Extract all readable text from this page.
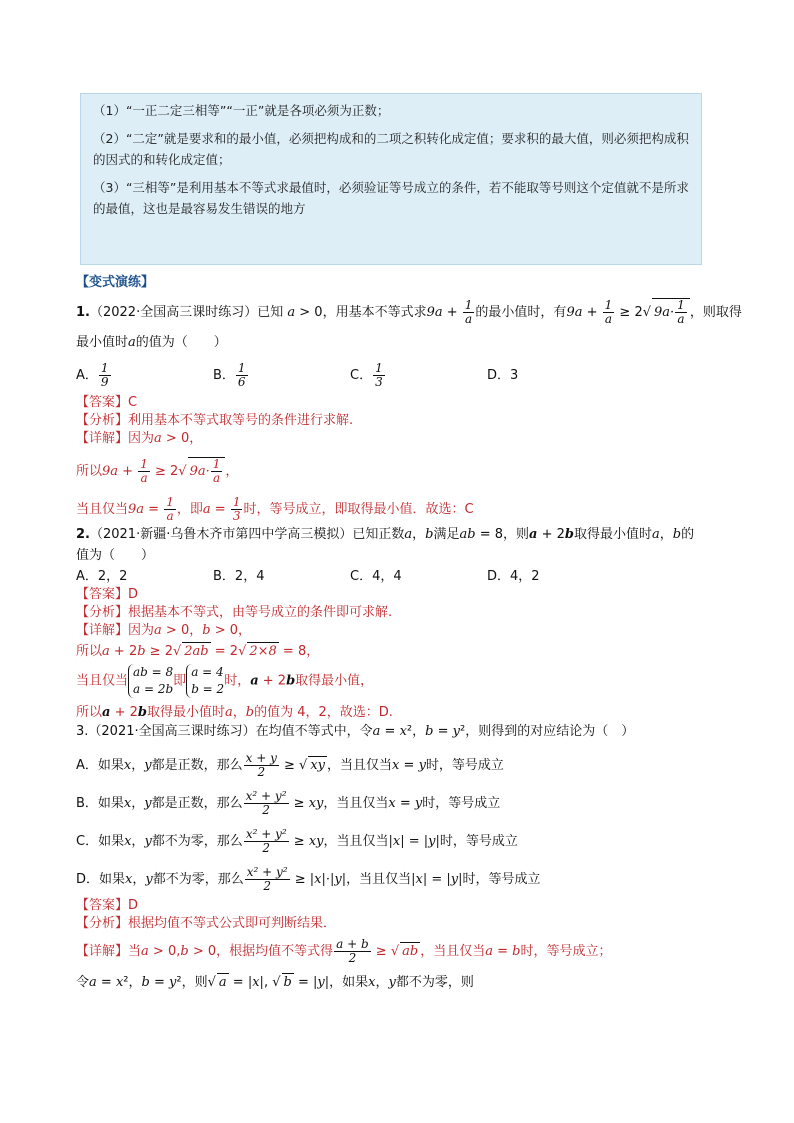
（1）“一正二定三相等”“一正”就是各项必须为正数；

（2）“二定”就是要求和的最小值，必须把构成和的二项之积转化成定值；要求积的最大值，则必须把构成积的因式的和转化成定值；

（3）“三相等”是利用基本不等式求最值时，必须验证等号成立的条件，若不能取等号则这个定值就不是所求的最值，这也是最容易发生错误的地方

【变式演练】
1.（2022·全国高三课时练习）已知 a > 0，用基本不等式求$9a + \frac{1}{a}$ 的最小值时，有$9a + \frac{1}{a} \ge 2√$ $9a\cdot \frac{1}{a}$ ，则取得
最小值时a的值为（　　）
A． $\frac{1}{9}$	B． $\frac{1}{6}$	C． $\frac{1}{3}$	D．3
【答案】C
【分析】利用基本不等式取等号的条件进行求解.
【详解】因为a > 0，
所以$9a + \frac{1}{a} \ge 2√$ $9a\cdot \frac{1}{a}$ ，
当且仅当$9a = \frac{1}{a}$ ，即$a = \frac{1}{3}$ 时，等号成立，即取得最小值．故选：C
2.（2021·新疆·乌鲁木齐市第四中学高三模拟）已知正数a，b满足ab = 8，则a + 2b取得最小值时a，b的
值为（　　）
A．2，2	B．2，4	C．4，4	D．4，2
【答案】D
【分析】根据基本不等式，由等号成立的条件即可求解.
【详解】因为a > 0，b > 0，
所以a + 2b ≥ 2√ 2ab = 2√ 2×8 = 8，
当且仅当ab = 8
a = 2b即a = 4
b = 2时，a + 2b取得最小值，
所以a + 2b取得最小值时a，b的值为 4，2，故选：D.
3.（2021·全国高三课时练习）在均值不等式中，令a = x²，b = y²，则得到的对应结论为（　）
A．如果x，y都是正数，那么 $\frac{x + y}{2}$ ≥ √ xy ，当且仅当x = y时，等号成立
B．如果x，y都是正数，那么 $\frac{\text{x² + y²}}{2}$ ≥ xy，当且仅当x = y时，等号成立
C．如果x，y都不为零，那么 $\frac{\text{x² + y²}}{2}$ ≥ xy，当且仅当|x| = |y|时，等号成立
D．如果x，y都不为零，那么 $\frac{\text{x² + y²}}{2} \ge |x|\cdot|y|$，当且仅当|x| = |y|时，等号成立
【答案】D
【分析】根据均值不等式公式即可判断结果．
【详解】当a > 0,b > 0，根据均值不等式得 $\frac{a + b}{2}$ ≥ √ ab ，当且仅当a = b时，等号成立；
令a = x²，b = y²，则√ a = |x|, √ b = |y|，如果x，y都不为零，则
